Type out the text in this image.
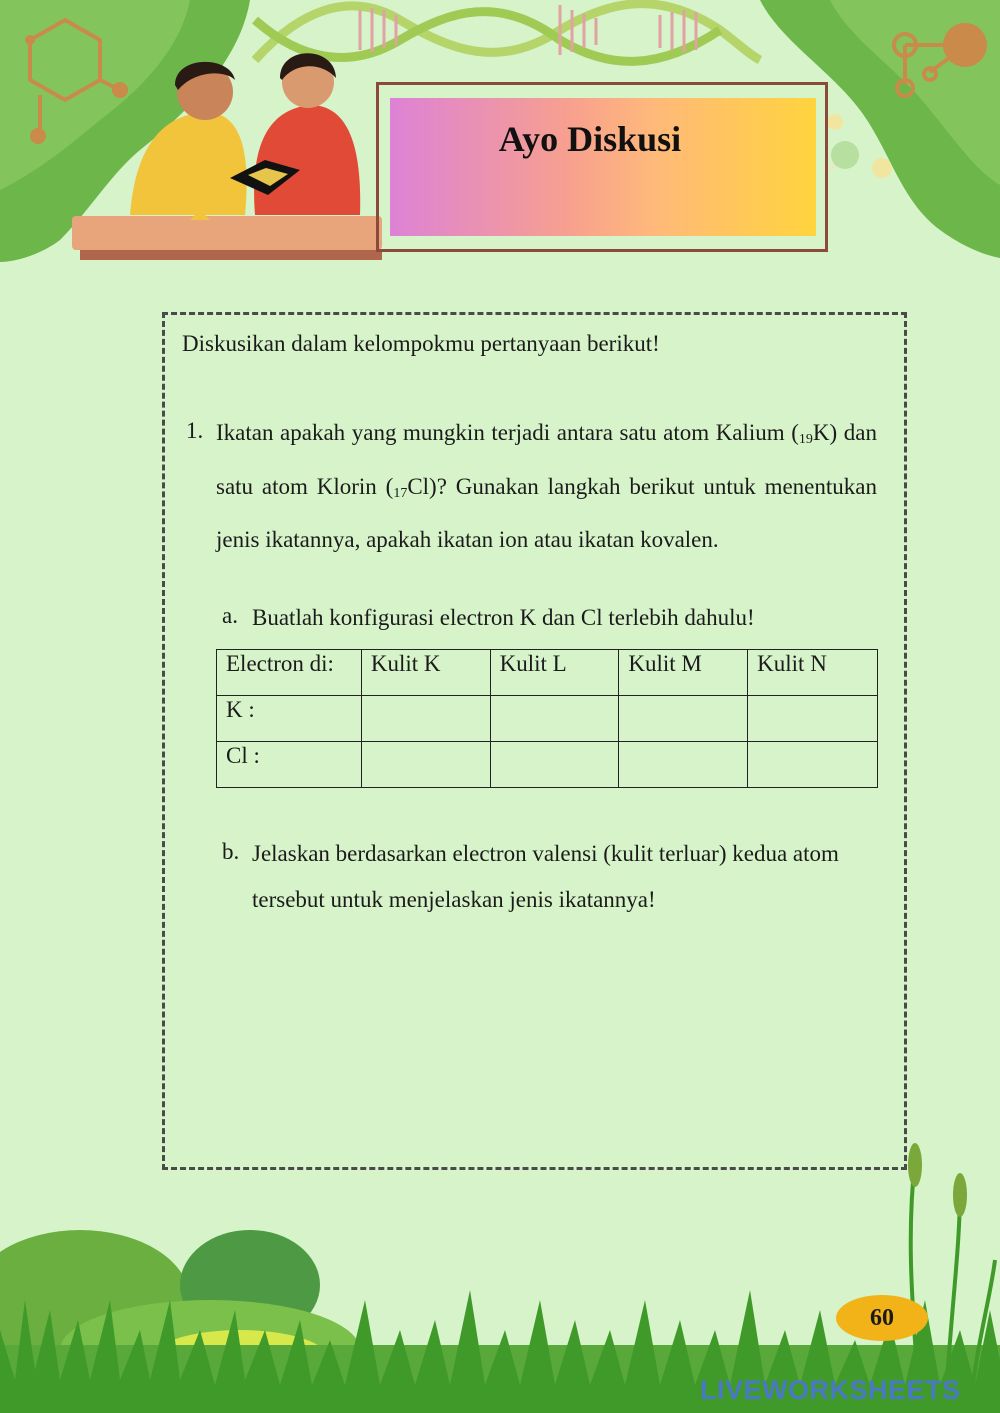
Ayo Diskusi
Diskusikan dalam kelompokmu pertanyaan berikut!
1. Ikatan apakah yang mungkin terjadi antara satu atom Kalium $(_{19}K)$ dan satu atom Klorin $(_{17}Cl)$? Gunakan langkah berikut untuk menentukan jenis ikatannya, apakah ikatan ion atau ikatan kovalen.
a. Buatlah konfigurasi electron K dan Cl terlebih dahulu!
Electron di:	Kulit K	Kulit L	Kulit M	Kulit N
K :				
Cl :				
b. Jelaskan berdasarkan electron valensi (kulit terluar) kedua atom tersebut untuk menjelaskan jenis ikatannya!
60
LIVEWORKSHEETS
